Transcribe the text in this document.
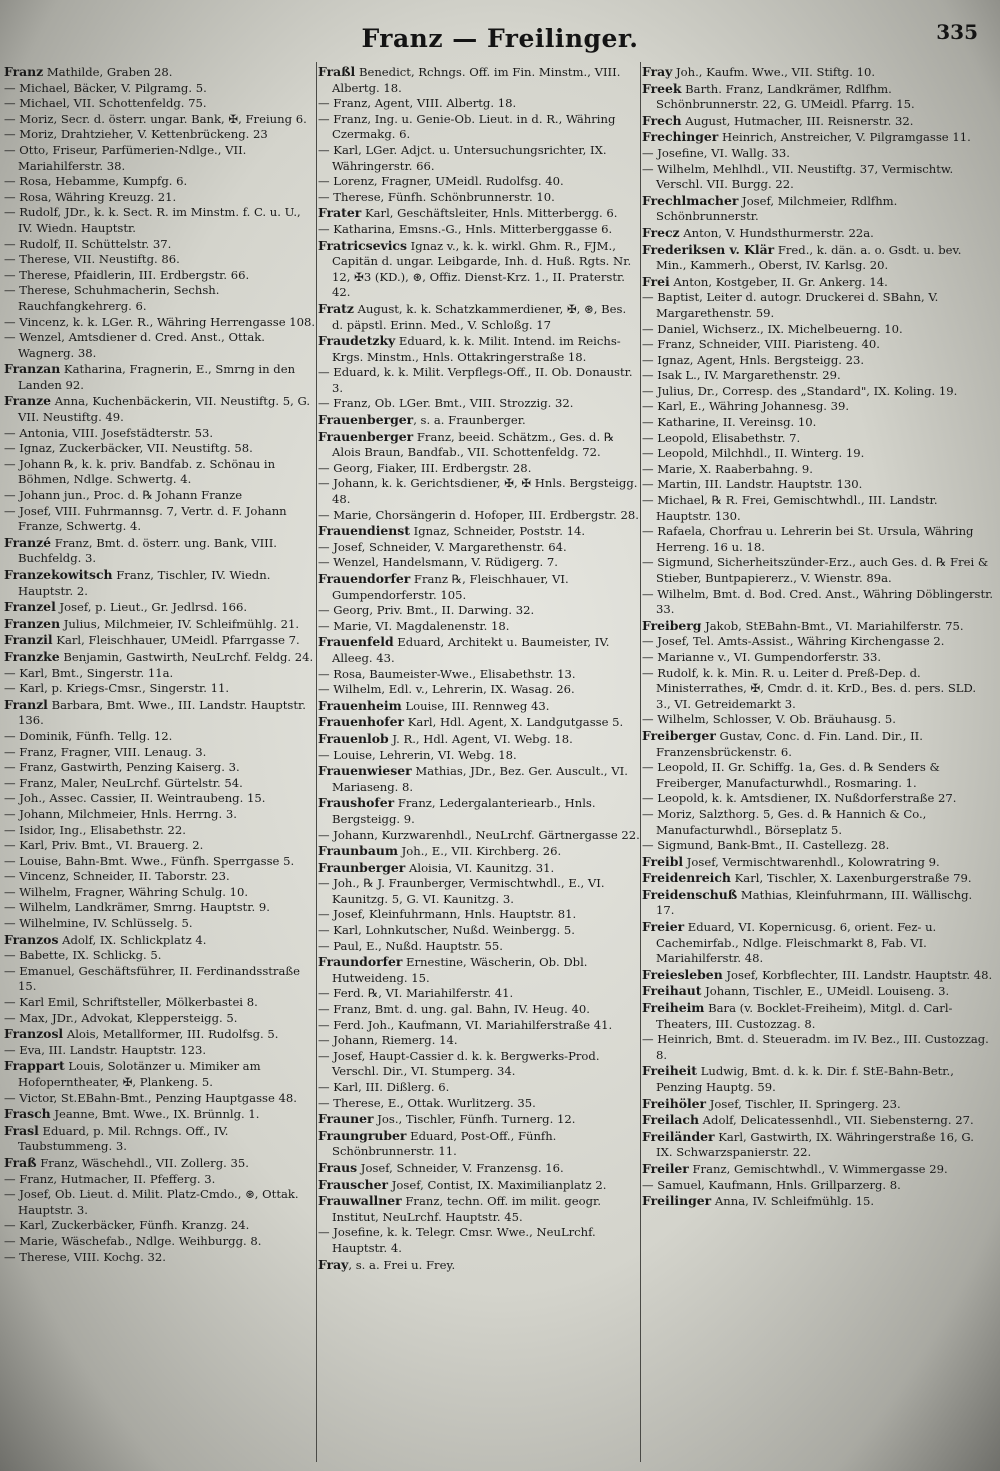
Franz — Freilinger.	335
Franz Mathilde, Graben 28.
— Michael, Bäcker, V. Pilgramg. 5.
— Michael, VII. Schottenfeldg. 75.
— Moriz, Secr. d. österr. ungar. Bank, ✠, Freiung 6.
— Moriz, Drahtzieher, V. Kettenbrückeng. 23
— Otto, Friseur, Parfümerien-Ndlge., VII. Mariahilferstr. 38.
— Rosa, Hebamme, Kumpfg. 6.
— Rosa, Währing Kreuzg. 21.
— Rudolf, JDr., k. k. Sect. R. im Minstm. f. C. u. U., IV. Wiedn. Hauptstr.
— Rudolf, II. Schüttelstr. 37.
— Therese, VII. Neustiftg. 86.
— Therese, Pfaidlerin, III. Erdbergstr. 66.
— Therese, Schuhmacherin, Sechsh. Rauchfangkehrerg. 6.
— Vincenz, k. k. LGer. R., Währing Herrengasse 108.
— Wenzel, Amtsdiener d. Cred. Anst., Ottak. Wagnerg. 38.
Franzan Katharina, Fragnerin, E., Smrng in den Landen 92.
Franze Anna, Kuchenbäckerin, VII. Neustiftg. 5, G. VII. Neustiftg. 49.
— Antonia, VIII. Josefstädterstr. 53.
— Ignaz, Zuckerbäcker, VII. Neustiftg. 58.
— Johann ℞, k. k. priv. Bandfab. z. Schönau in Böhmen, Ndlge. Schwertg. 4.
— Johann jun., Proc. d. ℞ Johann Franze
— Josef, VIII. Fuhrmannsg. 7, Vertr. d. F. Johann Franze, Schwertg. 4.
Franzé Franz, Bmt. d. österr. ung. Bank, VIII. Buchfeldg. 3.
Franzekowitsch Franz, Tischler, IV. Wiedn. Hauptstr. 2.
Franzel Josef, p. Lieut., Gr. Jedlrsd. 166.
Franzen Julius, Milchmeier, IV. Schleifmühlg. 21.
Franzil Karl, Fleischhauer, UMeidl. Pfarrgasse 7.
Franzke Benjamin, Gastwirth, NeuLrchf. Feldg. 24.
— Karl, Bmt., Singerstr. 11a.
— Karl, p. Kriegs-Cmsr., Singerstr. 11.
Franzl Barbara, Bmt. Wwe., III. Landstr. Hauptstr. 136.
— Dominik, Fünfh. Tellg. 12.
— Franz, Fragner, VIII. Lenaug. 3.
— Franz, Gastwirth, Penzing Kaiserg. 3.
— Franz, Maler, NeuLrchf. Gürtelstr. 54.
— Joh., Assec. Cassier, II. Weintraubeng. 15.
— Johann, Milchmeier, Hnls. Herrng. 3.
— Isidor, Ing., Elisabethstr. 22.
— Karl, Priv. Bmt., VI. Brauerg. 2.
— Louise, Bahn-Bmt. Wwe., Fünfh. Sperrgasse 5.
— Vincenz, Schneider, II. Taborstr. 23.
— Wilhelm, Fragner, Währing Schulg. 10.
— Wilhelm, Landkrämer, Smrng. Hauptstr. 9.
— Wilhelmine, IV. Schlüsselg. 5.
Franzos Adolf, IX. Schlickplatz 4.
— Babette, IX. Schlickg. 5.
— Emanuel, Geschäftsführer, II. Ferdinandsstraße 15.
— Karl Emil, Schriftsteller, Mölkerbastei 8.
— Max, JDr., Advokat, Kleppersteigg. 5.
Franzosl Alois, Metallformer, III. Rudolfsg. 5.
— Eva, III. Landstr. Hauptstr. 123.
Frappart Louis, Solotänzer u. Mimiker am Hofoperntheater, ✠, Plankeng. 5.
— Victor, St.EBahn-Bmt., Penzing Hauptgasse 48.
Frasch Jeanne, Bmt. Wwe., IX. Brünnlg. 1.
Frasl Eduard, p. Mil. Rchngs. Off., IV. Taubstummeng. 3.
Fraß Franz, Wäschehdl., VII. Zollerg. 35.
— Franz, Hutmacher, II. Pfefferg. 3.
— Josef, Ob. Lieut. d. Milit. Platz-Cmdo., ⊛, Ottak. Hauptstr. 3.
— Karl, Zuckerbäcker, Fünfh. Kranzg. 24.
— Marie, Wäschefab., Ndlge. Weihburgg. 8.
— Therese, VIII. Kochg. 32.
Fraßl Benedict, Rchngs. Off. im Fin. Minstm., VIII. Albertg. 18.
— Franz, Agent, VIII. Albertg. 18.
— Franz, Ing. u. Genie-Ob. Lieut. in d. R., Währing Czermakg. 6.
— Karl, LGer. Adjct. u. Untersuchungsrichter, IX. Währingerstr. 66.
— Lorenz, Fragner, UMeidl. Rudolfsg. 40.
— Therese, Fünfh. Schönbrunnerstr. 10.
Frater Karl, Geschäftsleiter, Hnls. Mitterbergg. 6.
— Katharina, Emsns.-G., Hnls. Mitterberggasse 6.
Fratricsevics Ignaz v., k. k. wirkl. Ghm. R., FJM., Capitän d. ungar. Leibgarde, Inh. d. Huß. Rgts. Nr. 12, ✠3 (KD.), ⊛, Offiz. Dienst-Krz. 1., II. Praterstr. 42.
Fratz August, k. k. Schatzkammerdiener, ✠, ⊛, Bes. d. päpstl. Erinn. Med., V. Schloßg. 17
Fraudetzky Eduard, k. k. Milit. Intend. im Reichs-Krgs. Minstm., Hnls. Ottakringerstraße 18.
— Eduard, k. k. Milit. Verpflegs-Off., II. Ob. Donaustr. 3.
— Franz, Ob. LGer. Bmt., VIII. Strozzig. 32.
Frauenberger, s. a. Fraunberger.
Frauenberger Franz, beeid. Schätzm., Ges. d. ℞ Alois Braun, Bandfab., VII. Schottenfeldg. 72.
— Georg, Fiaker, III. Erdbergstr. 28.
— Johann, k. k. Gerichtsdiener, ✠, ✠ Hnls. Bergsteigg. 48.
— Marie, Chorsängerin d. Hofoper, III. Erdbergstr. 28.
Frauendienst Ignaz, Schneider, Poststr. 14.
— Josef, Schneider, V. Margarethenstr. 64.
— Wenzel, Handelsmann, V. Rüdigerg. 7.
Frauendorfer Franz ℞, Fleischhauer, VI. Gumpendorferstr. 105.
— Georg, Priv. Bmt., II. Darwing. 32.
— Marie, VI. Magdalenenstr. 18.
Frauenfeld Eduard, Architekt u. Baumeister, IV. Alleeg. 43.
— Rosa, Baumeister-Wwe., Elisabethstr. 13.
— Wilhelm, Edl. v., Lehrerin, IX. Wasag. 26.
Frauenheim Louise, III. Rennweg 43.
Frauenhofer Karl, Hdl. Agent, X. Landgutgasse 5.
Frauenlob J. R., Hdl. Agent, VI. Webg. 18.
— Louise, Lehrerin, VI. Webg. 18.
Frauenwieser Mathias, JDr., Bez. Ger. Auscult., VI. Mariaseng. 8.
Fraushofer Franz, Ledergalanteriearb., Hnls. Bergsteigg. 9.
— Johann, Kurzwarenhdl., NeuLrchf. Gärtnergasse 22.
Fraunbaum Joh., E., VII. Kirchberg. 26.
Fraunberger Aloisia, VI. Kaunitzg. 31.
— Joh., ℞ J. Fraunberger, Vermischtwhdl., E., VI. Kaunitzg. 5, G. VI. Kaunitzg. 3.
— Josef, Kleinfuhrmann, Hnls. Hauptstr. 81.
— Karl, Lohnkutscher, Nußd. Weinbergg. 5.
— Paul, E., Nußd. Hauptstr. 55.
Fraundorfer Ernestine, Wäscherin, Ob. Dbl. Hutweideng. 15.
— Ferd. ℞, VI. Mariahilferstr. 41.
— Franz, Bmt. d. ung. gal. Bahn, IV. Heug. 40.
— Ferd. Joh., Kaufmann, VI. Mariahilferstraße 41.
— Johann, Riemerg. 14.
— Josef, Haupt-Cassier d. k. k. Bergwerks-Prod. Verschl. Dir., VI. Stumperg. 34.
— Karl, III. Dißlerg. 6.
— Therese, E., Ottak. Wurlitzerg. 35.
Frauner Jos., Tischler, Fünfh. Turnerg. 12.
Fraungruber Eduard, Post-Off., Fünfh. Schönbrunnerstr. 11.
Fraus Josef, Schneider, V. Franzensg. 16.
Frauscher Josef, Contist, IX. Maximilianplatz 2.
Frauwallner Franz, techn. Off. im milit. geogr. Institut, NeuLrchf. Hauptstr. 45.
— Josefine, k. k. Telegr. Cmsr. Wwe., NeuLrchf. Hauptstr. 4.
Fray, s. a. Frei u. Frey.
Fray Joh., Kaufm. Wwe., VII. Stiftg. 10.
Freek Barth. Franz, Landkrämer, Rdlfhm. Schönbrunnerstr. 22, G. UMeidl. Pfarrg. 15.
Frech August, Hutmacher, III. Reisnerstr. 32.
Frechinger Heinrich, Anstreicher, V. Pilgramgasse 11.
— Josefine, VI. Wallg. 33.
— Wilhelm, Mehlhdl., VII. Neustiftg. 37, Vermischtw. Verschl. VII. Burgg. 22.
Frechlmacher Josef, Milchmeier, Rdlfhm. Schönbrunnerstr.
Frecz Anton, V. Hundsthurmerstr. 22a.
Frederiksen v. Klär Fred., k. dän. a. o. Gsdt. u. bev. Min., Kammerh., Oberst, IV. Karlsg. 20.
Frei Anton, Kostgeber, II. Gr. Ankerg. 14.
— Baptist, Leiter d. autogr. Druckerei d. SBahn, V. Margarethenstr. 59.
— Daniel, Wichserz., IX. Michelbeuerng. 10.
— Franz, Schneider, VIII. Piaristeng. 40.
— Ignaz, Agent, Hnls. Bergsteigg. 23.
— Isak L., IV. Margarethenstr. 29.
— Julius, Dr., Corresp. des „Standard", IX. Koling. 19.
— Karl, E., Währing Johannesg. 39.
— Katharine, II. Vereinsg. 10.
— Leopold, Elisabethstr. 7.
— Leopold, Milchhdl., II. Winterg. 19.
— Marie, X. Raaberbahng. 9.
— Martin, III. Landstr. Hauptstr. 130.
— Michael, ℞ R. Frei, Gemischtwhdl., III. Landstr. Hauptstr. 130.
— Rafaela, Chorfrau u. Lehrerin bei St. Ursula, Währing Herreng. 16 u. 18.
— Sigmund, Sicherheitszünder-Erz., auch Ges. d. ℞ Frei & Stieber, Buntpapiererz., V. Wienstr. 89a.
— Wilhelm, Bmt. d. Bod. Cred. Anst., Währing Döblingerstr. 33.
Freiberg Jakob, StEBahn-Bmt., VI. Mariahilferstr. 75.
— Josef, Tel. Amts-Assist., Währing Kirchengasse 2.
— Marianne v., VI. Gumpendorferstr. 33.
— Rudolf, k. k. Min. R. u. Leiter d. Preß-Dep. d. Ministerrathes, ✠, Cmdr. d. it. KrD., Bes. d. pers. SLD. 3., VI. Getreidemarkt 3.
— Wilhelm, Schlosser, V. Ob. Bräuhausg. 5.
Freiberger Gustav, Conc. d. Fin. Land. Dir., II. Franzensbrückenstr. 6.
— Leopold, II. Gr. Schiffg. 1a, Ges. d. ℞ Senders & Freiberger, Manufacturwhdl., Rosmaring. 1.
— Leopold, k. k. Amtsdiener, IX. Nußdorferstraße 27.
— Moriz, Salzthorg. 5, Ges. d. ℞ Hannich & Co., Manufacturwhdl., Börseplatz 5.
— Sigmund, Bank-Bmt., II. Castellezg. 28.
Freibl Josef, Vermischtwarenhdl., Kolowratring 9.
Freidenreich Karl, Tischler, X. Laxenburgerstraße 79.
Freidenschuß Mathias, Kleinfuhrmann, III. Wällischg. 17.
Freier Eduard, VI. Kopernicusg. 6, orient. Fez- u. Cachemirfab., Ndlge. Fleischmarkt 8, Fab. VI. Mariahilferstr. 48.
Freiesleben Josef, Korbflechter, III. Landstr. Hauptstr. 48.
Freihaut Johann, Tischler, E., UMeidl. Louiseng. 3.
Freiheim Bara (v. Bocklet-Freiheim), Mitgl. d. Carl-Theaters, III. Custozzag. 8.
— Heinrich, Bmt. d. Steueradm. im IV. Bez., III. Custozzag. 8.
Freiheit Ludwig, Bmt. d. k. k. Dir. f. StE-Bahn-Betr., Penzing Hauptg. 59.
Freihöler Josef, Tischler, II. Springerg. 23.
Freilach Adolf, Delicatessenhdl., VII. Siebensterng. 27.
Freiländer Karl, Gastwirth, IX. Währingerstraße 16, G. IX. Schwarzspanierstr. 22.
Freiler Franz, Gemischtwhdl., V. Wimmergasse 29.
— Samuel, Kaufmann, Hnls. Grillparzerg. 8.
Freilinger Anna, IV. Schleifmühlg. 15.
